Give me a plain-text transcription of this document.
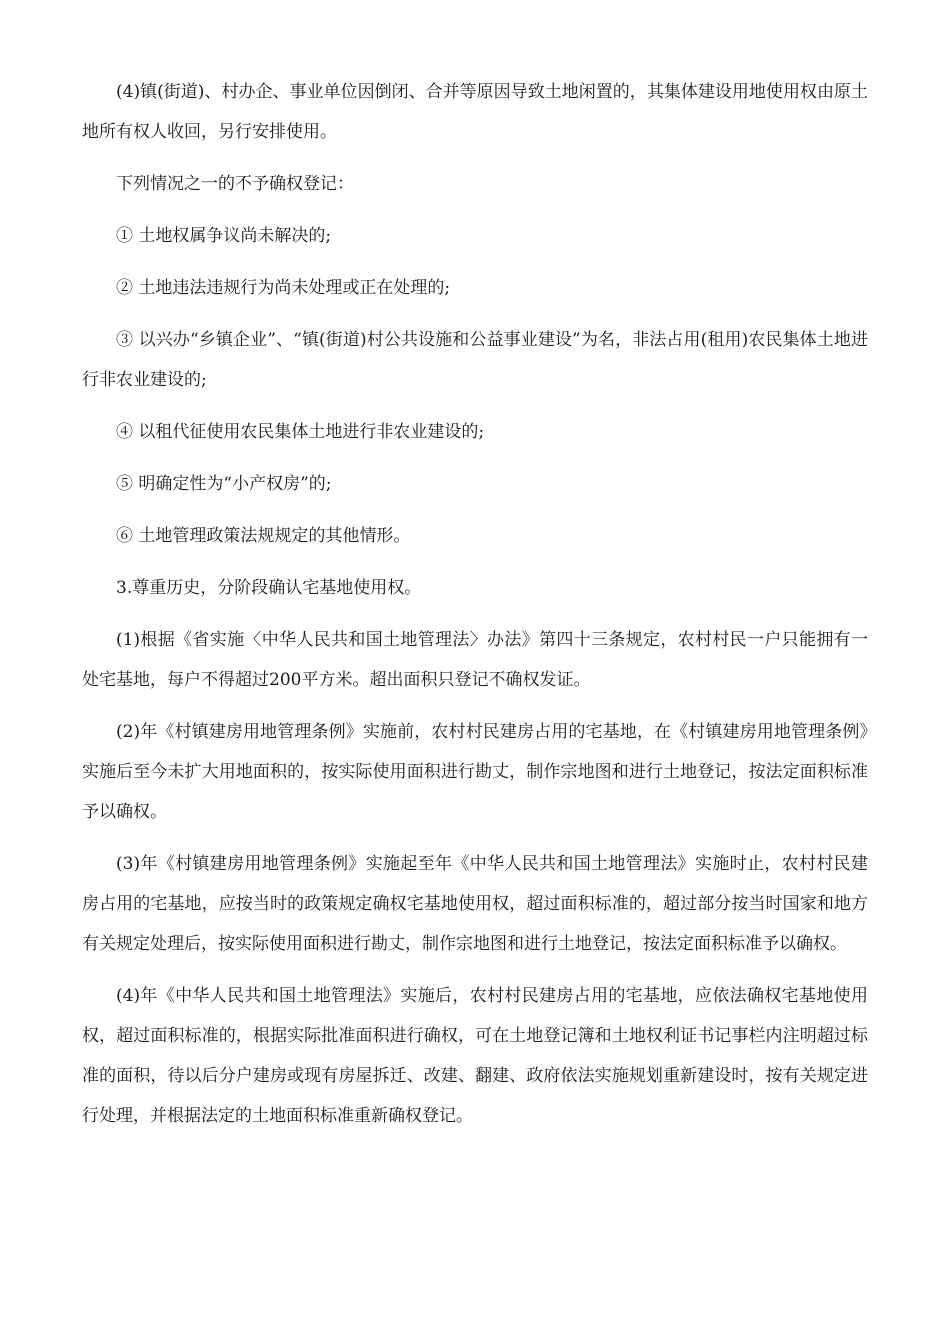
(4)镇(街道)、村办企、事业单位因倒闭、合并等原因导致土地闲置的，其集体建设用地使用权由原土地所有权人收回，另行安排使用。

下列情况之一的不予确权登记：

① 土地权属争议尚未解决的;

② 土地违法违规行为尚未处理或正在处理的;

③ 以兴办“乡镇企业”、“镇(街道)村公共设施和公益事业建设”为名，非法占用(租用)农民集体土地进行非农业建设的;

④ 以租代征使用农民集体土地进行非农业建设的;

⑤ 明确定性为“小产权房”的;

⑥ 土地管理政策法规规定的其他情形。

3.尊重历史，分阶段确认宅基地使用权。

(1)根据《省实施〈中华人民共和国土地管理法〉办法》第四十三条规定，农村村民一户只能拥有一处宅基地，每户不得超过200平方米。超出面积只登记不确权发证。

(2)年《村镇建房用地管理条例》实施前，农村村民建房占用的宅基地，在《村镇建房用地管理条例》实施后至今未扩大用地面积的，按实际使用面积进行勘丈，制作宗地图和进行土地登记，按法定面积标准予以确权。

(3)年《村镇建房用地管理条例》实施起至年《中华人民共和国土地管理法》实施时止，农村村民建房占用的宅基地，应按当时的政策规定确权宅基地使用权，超过面积标准的，超过部分按当时国家和地方有关规定处理后，按实际使用面积进行勘丈，制作宗地图和进行土地登记，按法定面积标准予以确权。

(4)年《中华人民共和国土地管理法》实施后，农村村民建房占用的宅基地，应依法确权宅基地使用权，超过面积标准的，根据实际批准面积进行确权，可在土地登记簿和土地权利证书记事栏内注明超过标准的面积，待以后分户建房或现有房屋拆迁、改建、翻建、政府依法实施规划重新建设时，按有关规定进行处理，并根据法定的土地面积标准重新确权登记。
